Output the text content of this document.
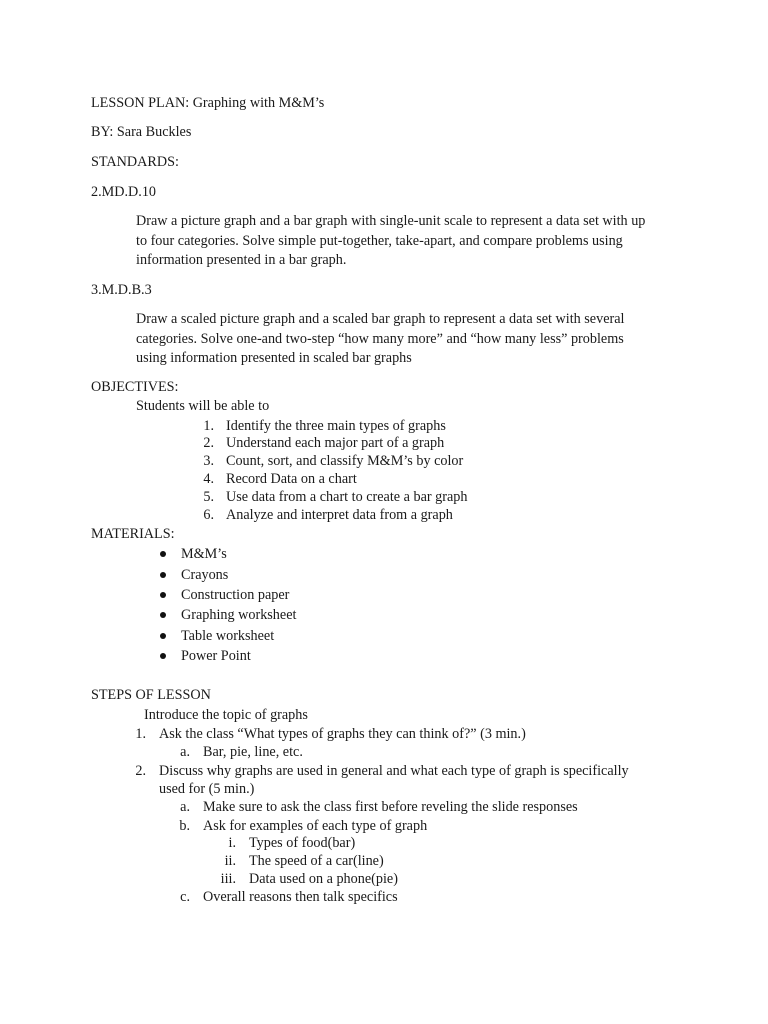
LESSON PLAN: Graphing with M&M’s
BY: Sara Buckles
STANDARDS:
2.MD.D.10
Draw a picture graph and a bar graph with single-unit scale to represent a data set with up
to four categories. Solve simple put-together, take-apart, and compare problems using
information presented in a bar graph.
3.M.D.B.3
Draw a scaled picture graph and a scaled bar graph to represent a data set with several
categories. Solve one-and two-step “how many more” and “how many less” problems
using information presented in scaled bar graphs
OBJECTIVES:
Students will be able to
1. Identify the three main types of graphs
2. Understand each major part of a graph
3. Count, sort, and classify M&M’s by color
4. Record Data on a chart
5. Use data from a chart to create a bar graph
6. Analyze and interpret data from a graph
MATERIALS:
M&M’s
Crayons
Construction paper
Graphing worksheet
Table worksheet
Power Point
STEPS OF LESSON
Introduce the topic of graphs
1. Ask the class “What types of graphs they can think of?” (3 min.)
a. Bar, pie, line, etc.
2. Discuss why graphs are used in general and what each type of graph is specifically
used for (5 min.)
a. Make sure to ask the class first before reveling the slide responses
b. Ask for examples of each type of graph
i. Types of food(bar)
ii. The speed of a car(line)
iii. Data used on a phone(pie)
c. Overall reasons then talk specifics
